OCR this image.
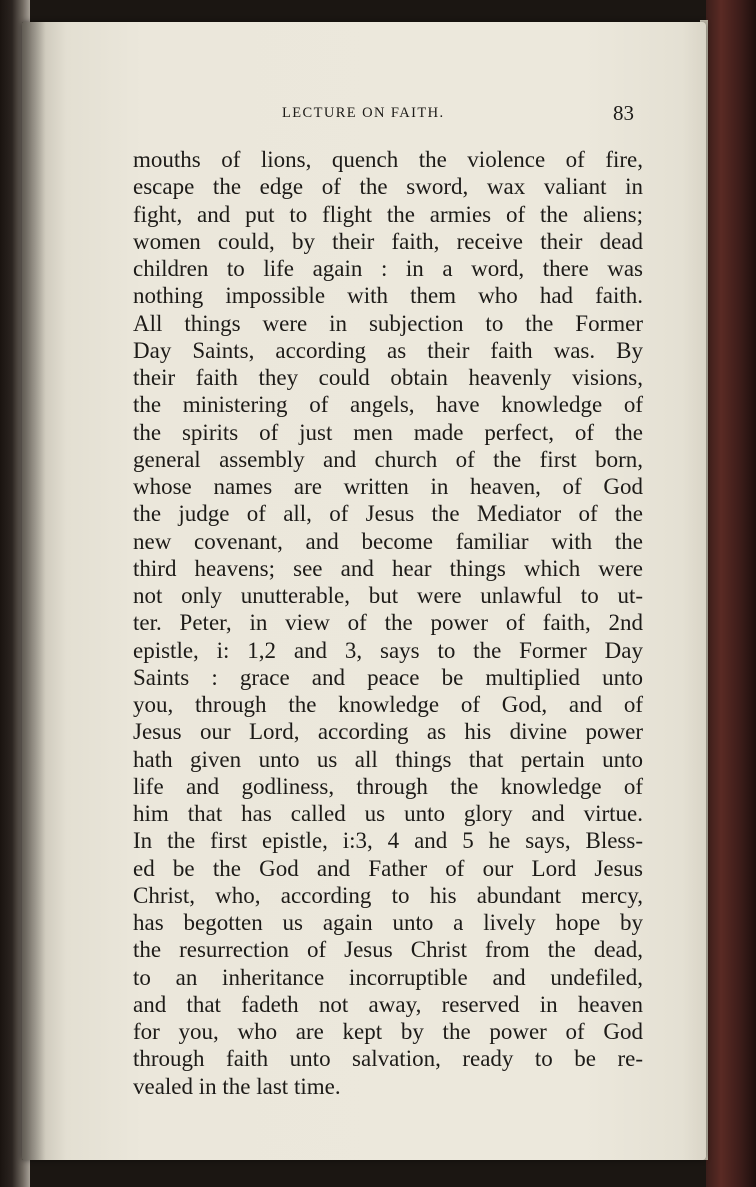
LECTURE ON FAITH.	83
mouths of lions, quench the violence of fire,
escape the edge of the sword, wax valiant in
fight, and put to flight the armies of the aliens;
women could, by their faith, receive their dead
children to life again : in a word, there was
nothing impossible with them who had faith.
All things were in subjection to the Former
Day Saints, according as their faith was. By
their faith they could obtain heavenly visions,
the ministering of angels, have knowledge of
the spirits of just men made perfect, of the
general assembly and church of the first born,
whose names are written in heaven, of God
the judge of all, of Jesus the Mediator of the
new covenant, and become familiar with the
third heavens; see and hear things which were
not only unutterable, but were unlawful to ut-
ter. Peter, in view of the power of faith, 2nd
epistle, i: 1,2 and 3, says to the Former Day
Saints : grace and peace be multiplied unto
you, through the knowledge of God, and of
Jesus our Lord, according as his divine power
hath given unto us all things that pertain unto
life and godliness, through the knowledge of
him that has called us unto glory and virtue.
In the first epistle, i:3, 4 and 5 he says, Bless-
ed be the God and Father of our Lord Jesus
Christ, who, according to his abundant mercy,
has begotten us again unto a lively hope by
the resurrection of Jesus Christ from the dead,
to an inheritance incorruptible and undefiled,
and that fadeth not away, reserved in heaven
for you, who are kept by the power of God
through faith unto salvation, ready to be re-
vealed in the last time.
